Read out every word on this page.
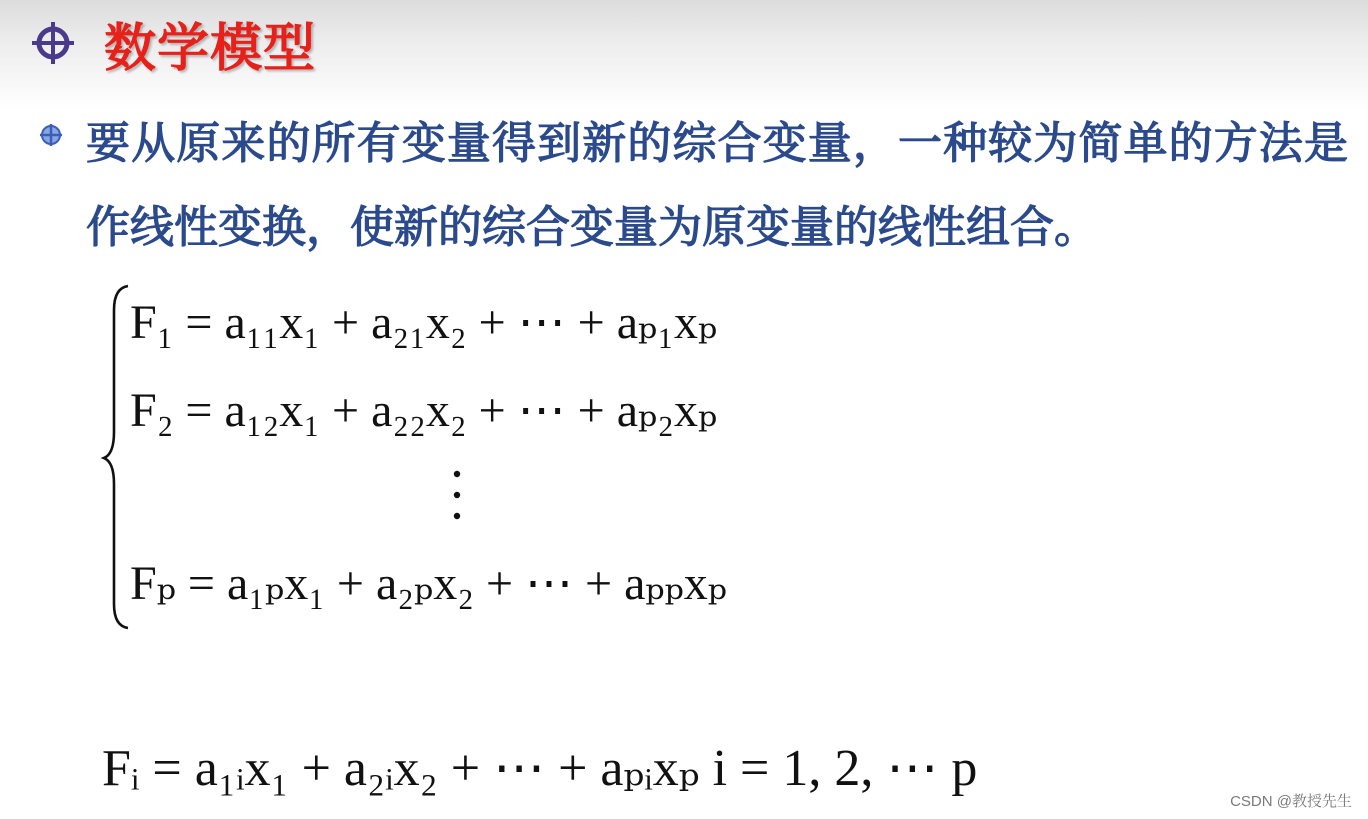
数学模型
要从原来的所有变量得到新的综合变量，一种较为简单的方法是作线性变换，使新的综合变量为原变量的线性组合。
F₁ = a₁₁x₁ + a₂₁x₂ + ⋯ + aₚ₁xₚ
F₂ = a₁₂x₁ + a₂₂x₂ + ⋯ + aₚ₂xₚ
Fₚ = a₁ₚx₁ + a₂ₚx₂ + ⋯ + aₚₚxₚ
Fᵢ = a₁ᵢx₁ + a₂ᵢx₂ + ⋯ + aₚᵢxₚ i = 1, 2, ⋯ p
CSDN @教授先生
